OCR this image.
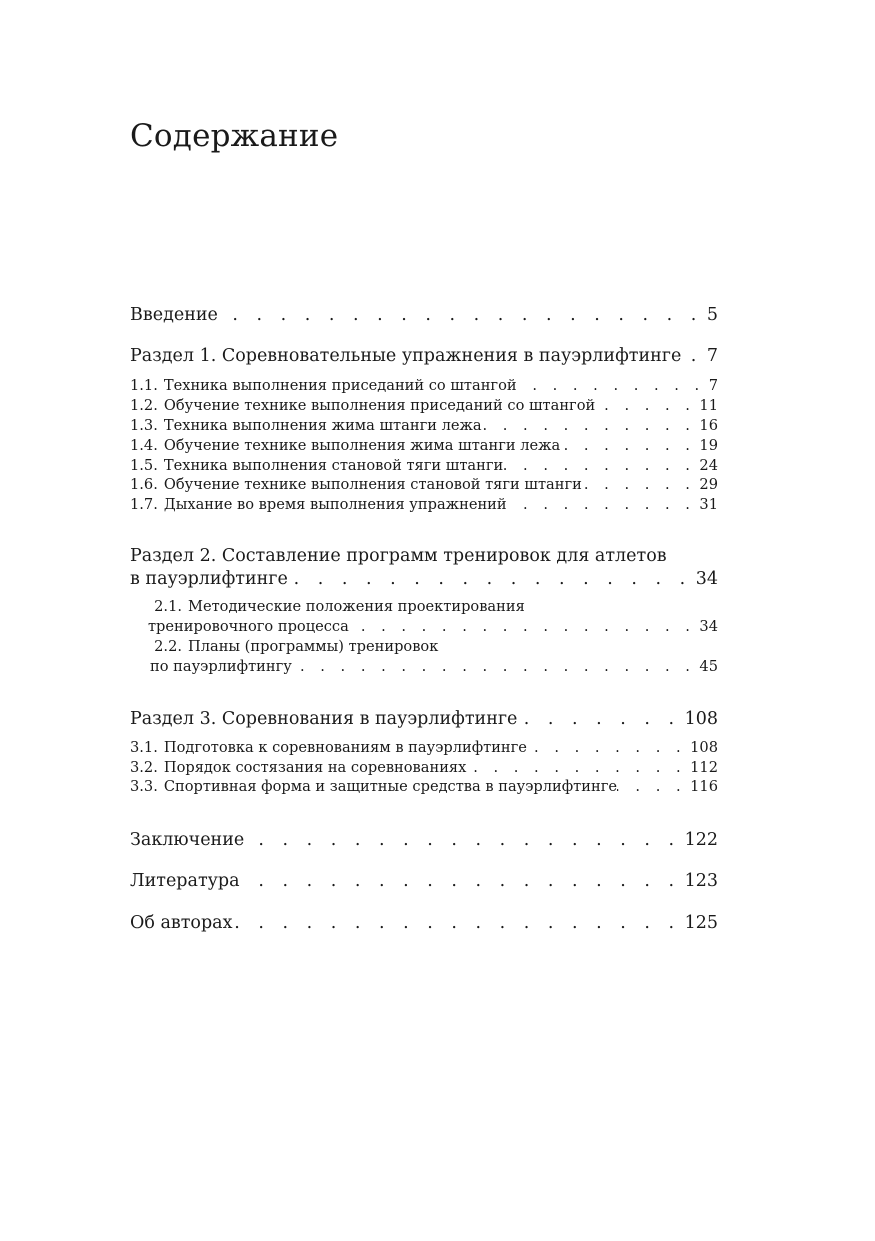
Содержание
Введение . . .	5
Раздел 1. Соревновательные упражнения в пауэрлифтинге . . . 7
1.1. Техника выполнения приседаний со штангой . . .	7
1.2. Обучение технике выполнения приседаний со штангой . . .	11
1.3. Техника выполнения жима штанги лежа . . .	16
1.4. Обучение технике выполнения жима штанги лежа . . .	19
1.5. Техника выполнения становой тяги штанги . . .	24
1.6. Обучение технике выполнения становой тяги штанги . . .	29
1.7. Дыхание во время выполнения упражнений . . .	31
Раздел 2. Составление программ тренировок для атлетов
в пауэрлифтинге . . .	34
2.1. Методические положения проектирования
тренировочного процесса . . .	34
2.2. Планы (программы) тренировок
по пауэрлифтингу . . .	45
Раздел 3. Соревнования в пауэрлифтинге . . .	108
3.1. Подготовка к соревнованиям в пауэрлифтинге . . .	108
3.2. Порядок состязания на соревнованиях . . .	112
3.3. Спортивная форма и защитные средства в пауэрлифтинге . . .	116
Заключение . . .	122
Литература . . .	123
Об авторах . . .	125
